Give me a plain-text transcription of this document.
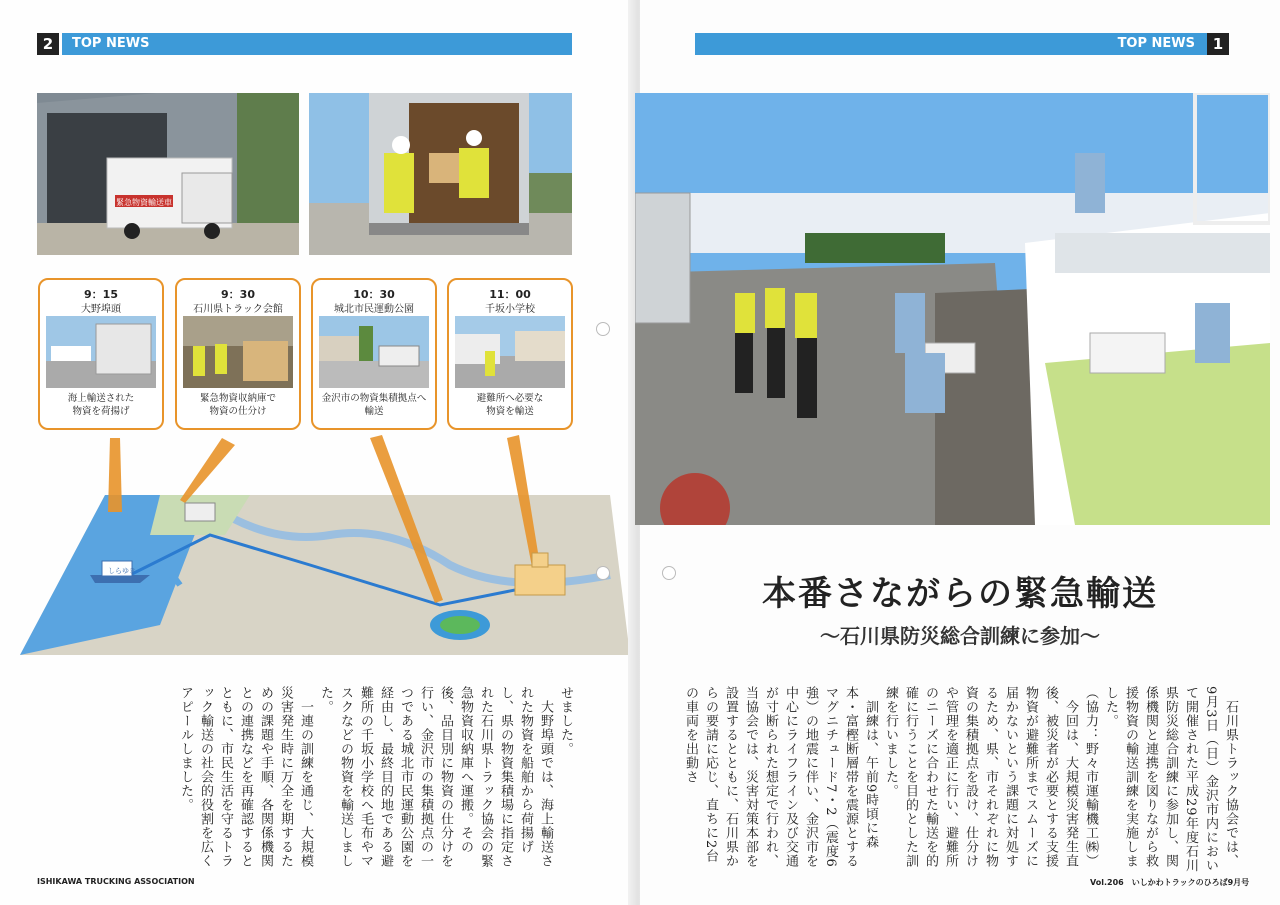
2	TOP NEWS
緊急物資輸送車
9：15
大野埠頭
海上輸送された
物資を荷揚げ
9：30
石川県トラック会館
緊急物資収納庫で
物資の仕分け
10：30
城北市民運動公園
金沢市の物資集積拠点へ
輸送
11：00
千坂小学校
避難所へ必要な
物資を輸送
しらゆき
せました。
　大野埠頭では、海上輸送された物資を船舶から荷揚げし、県の物資集積場に指定された石川県トラック協会の緊急物資収納庫へ運搬。その後、品目別に物資の仕分けを行い、金沢市の集積拠点の一つである城北市民運動公園を経由し、最終目的地である避難所の千坂小学校へ毛布やマスクなどの物資を輸送しました。
　一連の訓練を通じ、大規模災害発生時に万全を期するための課題や手順、各関係機関との連携などを再確認するとともに、市民生活を守るトラック輸送の社会的役割を広くアピールしました。
ISHIKAWA TRUCKING ASSOCIATION
TOP NEWS	1
本番さながらの緊急輸送
〜石川県防災総合訓練に参加〜
　石川県トラック協会では、9月3日（日）金沢市内において開催された平成29年度石川県防災総合訓練に参加し、関係機関と連携を図りながら救援物資の輸送訓練を実施しました。
（協力：野々市運輸機工㈱）
　今回は、大規模災害発生直後、被災者が必要とする支援物資が避難所までスムーズに届かないという課題に対処するため、県、市それぞれに物資の集積拠点を設け、仕分けや管理を適正に行い、避難所のニーズに合わせた輸送を的確に行うことを目的とした訓練を行いました。
　訓練は、午前9時頃に森本・富樫断層帯を震源とするマグニチュード7・2（震度6強）の地震に伴い、金沢市を中心にライフライン及び交通が寸断られた想定で行われ、当協会では、災害対策本部を設置するとともに、石川県からの要請に応じ、直ちに2台の車両を出動さ
Vol.206　いしかわトラックのひろば9月号
